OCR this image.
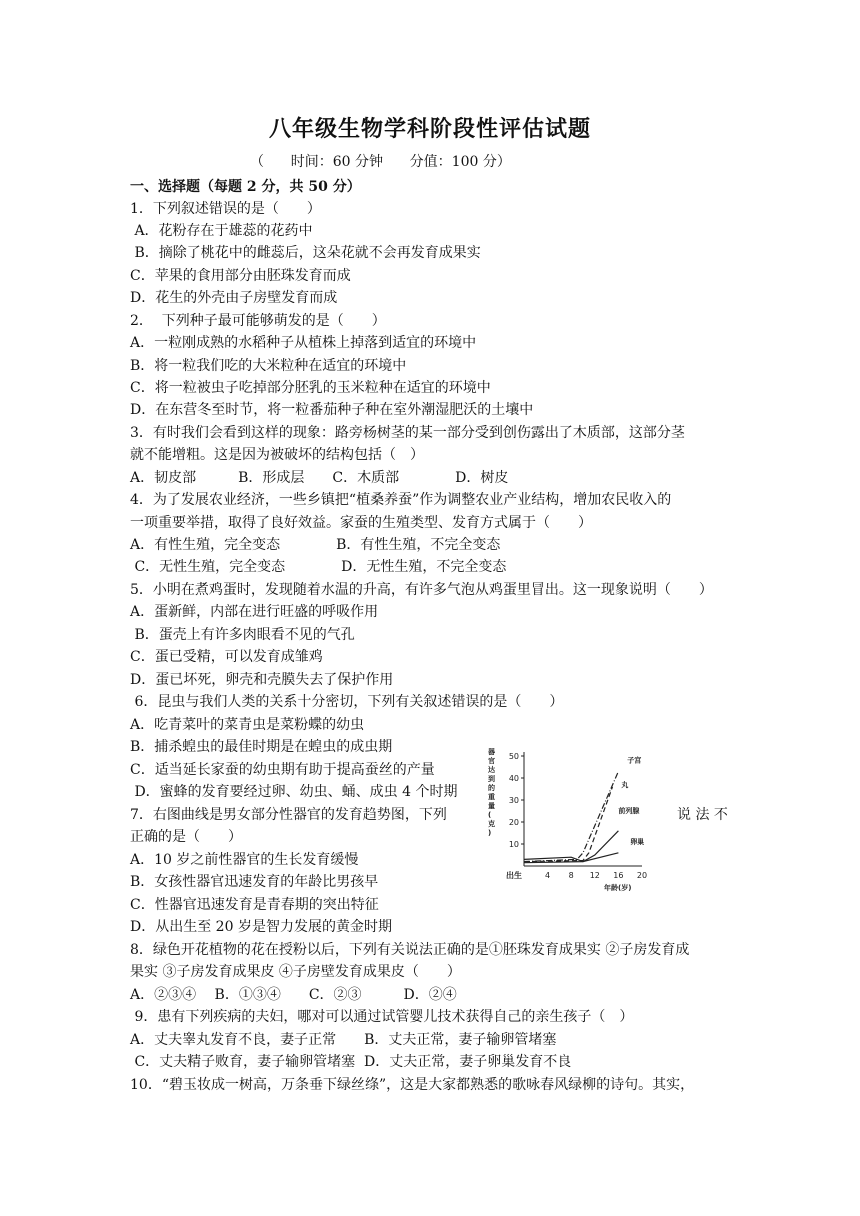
八年级生物学科阶段性评估试题
（      时间：60 分钟      分值：100 分）
一、选择题（每题 2 分，共 50 分）
1．下列叙述错误的是（　　）
A．花粉存在于雄蕊的花药中
B．摘除了桃花中的雌蕊后，这朵花就不会再发育成果实
C．苹果的食用部分由胚珠发育而成
D．花生的外壳由子房壁发育而成
2．  下列种子最可能够萌发的是（　　）
A．一粒刚成熟的水稻种子从植株上掉落到适宜的环境中
B．将一粒我们吃的大米粒种在适宜的环境中
C．将一粒被虫子吃掉部分胚乳的玉米粒种在适宜的环境中
D．在东营冬至时节，将一粒番茄种子种在室外潮湿肥沃的土壤中
3．有时我们会看到这样的现象：路旁杨树茎的某一部分受到创伤露出了木质部，这部分茎
就不能增粗。这是因为被破坏的结构包括（　）
A．韧皮部　　　B．形成层　　C．木质部　　　　D．树皮
4．为了发展农业经济，一些乡镇把“植桑养蚕”作为调整农业产业结构，增加农民收入的
一项重要举措，取得了良好效益。家蚕的生殖类型、发育方式属于（　　）
A．有性生殖，完全变态　　　　B．有性生殖，不完全变态
C．无性生殖，完全变态　　　　D．无性生殖，不完全变态
5．小明在煮鸡蛋时，发现随着水温的升高，有许多气泡从鸡蛋里冒出。这一现象说明（　　）
A．蛋新鲜，内部在进行旺盛的呼吸作用
B．蛋壳上有许多肉眼看不见的气孔
C．蛋已受精，可以发育成雏鸡
D．蛋已坏死，卵壳和壳膜失去了保护作用
6．昆虫与我们人类的关系十分密切，下列有关叙述错误的是（　　）
A．吃青菜叶的菜青虫是菜粉蝶的幼虫
B．捕杀蝗虫的最佳时期是在蝗虫的成虫期
C．适当延长家蚕的幼虫期有助于提高蚕丝的产量
D．蜜蜂的发育要经过卵、幼虫、蛹、成虫 4 个时期
7．右图曲线是男女部分性器官的发育趋势图，下列	说 法 不
正确的是（　　）
A．10 岁之前性器官的生长发育缓慢
B．女孩性器官迅速发育的年龄比男孩早
C．性器官迅速发育是青春期的突出特征
D．从出生至 20 岁是智力发展的黄金时期
8．绿色开花植物的花在授粉以后，下列有关说法正确的是①胚珠发育成果实 ②子房发育成
果实 ③子房发育成果皮 ④子房壁发育成果皮（　　）
A．②③④　 B．①③④　　C．②③　　　D．②④
9．患有下列疾病的夫妇，哪对可以通过试管婴儿技术获得自己的亲生孩子（　）
A．丈夫睾丸发育不良，妻子正常　　B．丈夫正常，妻子输卵管堵塞
C．丈夫精子败育，妻子输卵管堵塞  D．丈夫正常，妻子卵巢发育不良
10．“碧玉妆成一树高，万条垂下绿丝绦”，这是大家都熟悉的歌咏春风绿柳的诗句。其实，
器
官
达
到
的
重
量
(
克
)
10
20
30
40
50
出生	4 8 12 16 20
年龄(岁)
子宫
丸
前列腺
卵巢
